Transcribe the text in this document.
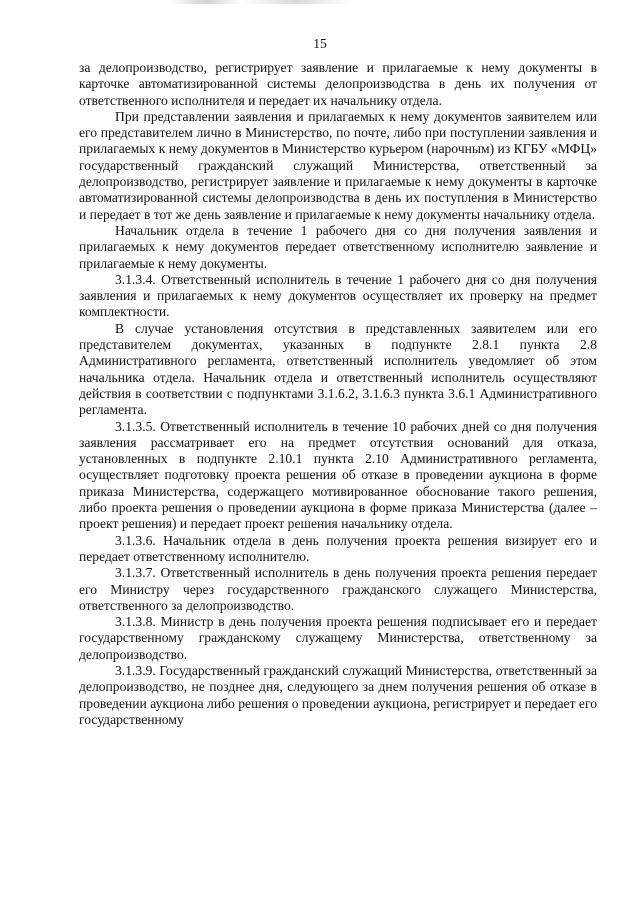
15

за делопроизводство, регистрирует заявление и прилагаемые к нему документы в карточке автоматизированной системы делопроизводства в день их получения от ответственного исполнителя и передает их начальнику отдела.

При представлении заявления и прилагаемых к нему документов заявителем или его представителем лично в Министерство, по почте, либо при поступлении заявления и прилагаемых к нему документов в Министерство курьером (нарочным) из КГБУ «МФЦ» государственный гражданский служащий Министерства, ответственный за делопроизводство, регистрирует заявление и прилагаемые к нему документы в карточке автоматизированной системы делопроизводства в день их поступления в Министерство и передает в тот же день заявление и прилагаемые к нему документы начальнику отдела.

Начальник отдела в течение 1 рабочего дня со дня получения заявления и прилагаемых к нему документов передает ответственному исполнителю заявление и прилагаемые к нему документы.

3.1.3.4. Ответственный исполнитель в течение 1 рабочего дня со дня получения заявления и прилагаемых к нему документов осуществляет их проверку на предмет комплектности.

В случае установления отсутствия в представленных заявителем или его представителем документах, указанных в подпункте 2.8.1 пункта 2.8 Административного регламента, ответственный исполнитель уведомляет об этом начальника отдела. Начальник отдела и ответственный исполнитель осуществляют действия в соответствии с подпунктами 3.1.6.2, 3.1.6.3 пункта 3.6.1 Административного регламента.

3.1.3.5. Ответственный исполнитель в течение 10 рабочих дней со дня получения заявления рассматривает его на предмет отсутствия оснований для отказа, установленных в подпункте 2.10.1 пункта 2.10 Административного регламента, осуществляет подготовку проекта решения об отказе в проведении аукциона в форме приказа Министерства, содержащего мотивированное обоснование такого решения, либо проекта решения о проведении аукциона в форме приказа Министерства (далее – проект решения) и передает проект решения начальнику отдела.

3.1.3.6. Начальник отдела в день получения проекта решения визирует его и передает ответственному исполнителю.

3.1.3.7. Ответственный исполнитель в день получения проекта решения передает его Министру через государственного гражданского служащего Министерства, ответственного за делопроизводство.

3.1.3.8. Министр в день получения проекта решения подписывает его и передает государственному гражданскому служащему Министерства, ответственному за делопроизводство.

3.1.3.9. Государственный гражданский служащий Министерства, ответственный за делопроизводство, не позднее дня, следующего за днем получения решения об отказе в проведении аукциона либо решения о проведении аукциона, регистрирует и передает его государственному
